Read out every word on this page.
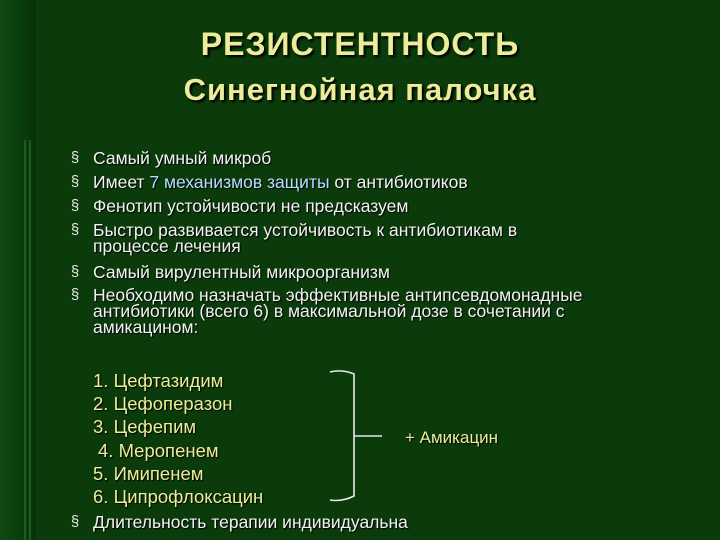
РЕЗИСТЕНТНОСТЬ
Синегнойная палочка
§
§
§
§
§
§
§
Самый умный микроб
Имеет 7 механизмов защиты от антибиотиков
Фенотип устойчивости не предсказуем
Быстро развивается устойчивость к антибиотикам в
процессе лечения
Самый вирулентный микроорганизм
Необходимо назначать эффективные антипсевдомонадные
антибиотики (всего 6) в максимальной дозе в сочетании с
амикацином:
1. Цефтазидим
2. Цефоперазон
3. Цефепим
4. Меропенем
5. Имипенем
6. Ципрофлоксацин
+ Амикацин
Длительность терапии индивидуальна
